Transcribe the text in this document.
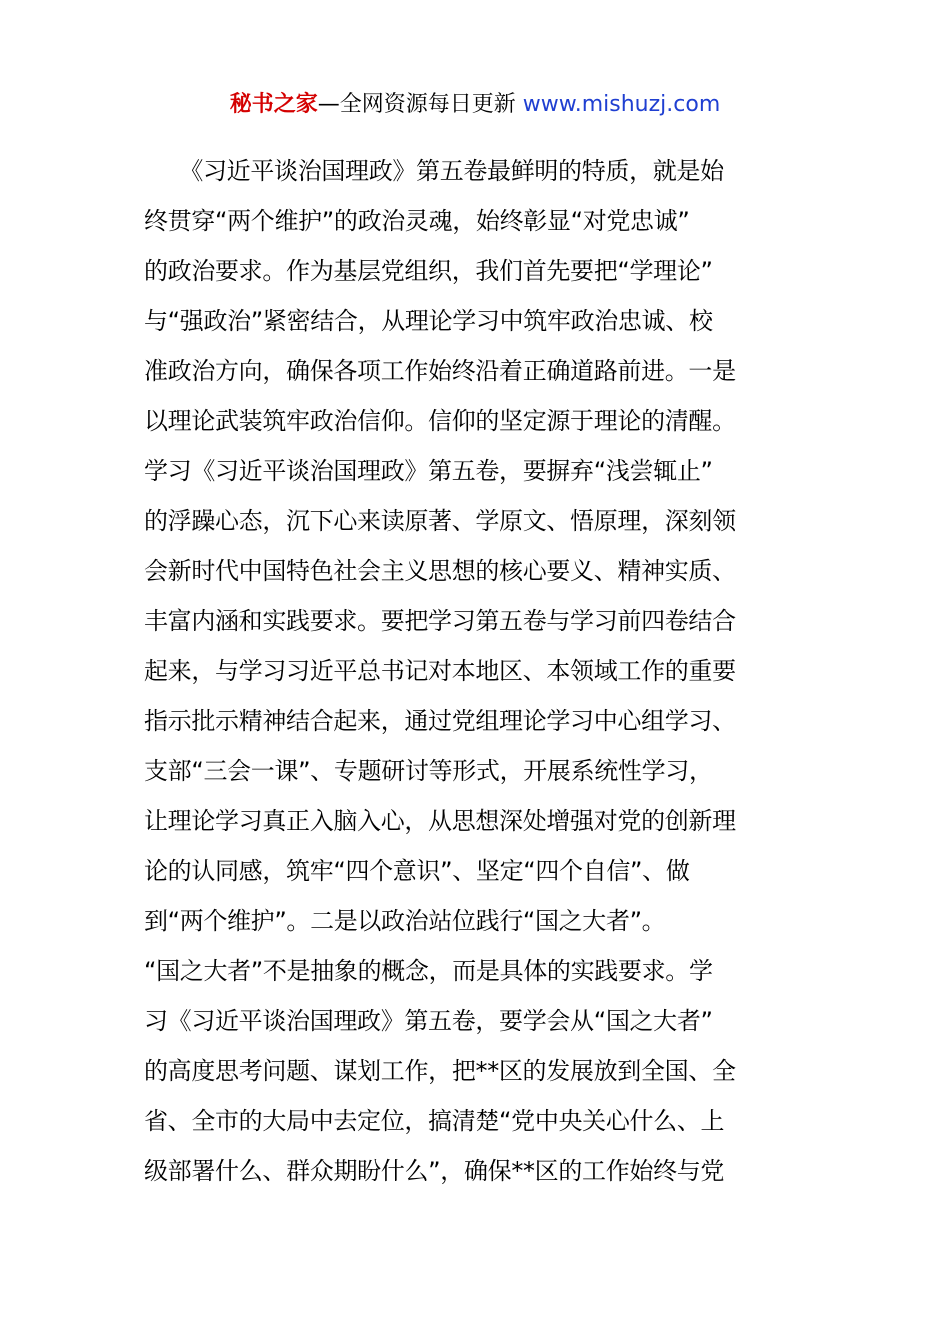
秘书之家—全网资源每日更新 www.mishuzj.com
　　《习近平谈治国理政》第五卷最鲜明的特质，就是始
终贯穿“两个维护”的政治灵魂，始终彰显“对党忠诚”
的政治要求。作为基层党组织，我们首先要把“学理论”
与“强政治”紧密结合，从理论学习中筑牢政治忠诚、校
准政治方向，确保各项工作始终沿着正确道路前进。一是
以理论武装筑牢政治信仰。信仰的坚定源于理论的清醒。
学习《习近平谈治国理政》第五卷，要摒弃“浅尝辄止”
的浮躁心态，沉下心来读原著、学原文、悟原理，深刻领
会新时代中国特色社会主义思想的核心要义、精神实质、
丰富内涵和实践要求。要把学习第五卷与学习前四卷结合
起来，与学习习近平总书记对本地区、本领域工作的重要
指示批示精神结合起来，通过党组理论学习中心组学习、
支部“三会一课”、专题研讨等形式，开展系统性学习，
让理论学习真正入脑入心，从思想深处增强对党的创新理
论的认同感，筑牢“四个意识”、坚定“四个自信”、做
到“两个维护”。二是以政治站位践行“国之大者”。
“国之大者”不是抽象的概念，而是具体的实践要求。学
习《习近平谈治国理政》第五卷，要学会从“国之大者”
的高度思考问题、谋划工作，把**区的发展放到全国、全
省、全市的大局中去定位，搞清楚“党中央关心什么、上
级部署什么、群众期盼什么”，确保**区的工作始终与党
